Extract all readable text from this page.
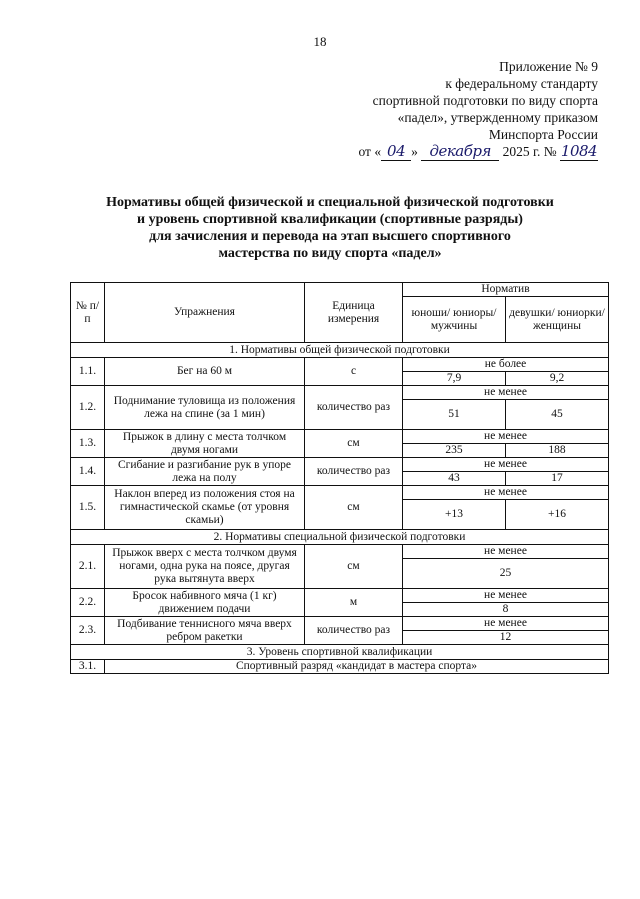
18
Приложение № 9
к федеральному стандарту
спортивной подготовки по виду спорта
«падел», утвержденному приказом
Минспорта России
от « 04 » декабря 2025 г. № 1084
Нормативы общей физической и специальной физической подготовки
и уровень спортивной квалификации (спортивные разряды)
для зачисления и перевода на этап высшего спортивного
мастерства по виду спорта «падел»
№ п/п	Упражнения	Единица измерения	Норматив	
			юноши/ юниоры/ мужчины	девушки/ юниорки/ женщины
1. Нормативы общей физической подготовки				
1.1.	Бег на 60 м	с	не более	
			7,9	9,2
1.2.	Поднимание туловища из положения лежа на спине (за 1 мин)	количество раз	не менее	
			51	45
1.3.	Прыжок в длину с места толчком двумя ногами	см	не менее	
			235	188
1.4.	Сгибание и разгибание рук в упоре лежа на полу	количество раз	не менее	
			43	17
1.5.	Наклон вперед из положения стоя на гимнастической скамье (от уровня скамьи)	см	не менее	
			+13	+16
2. Нормативы специальной физической подготовки				
2.1.	Прыжок вверх с места толчком двумя ногами, одна рука на поясе, другая рука вытянута вверх	см	не менее	
			25	
2.2.	Бросок набивного мяча (1 кг) движением подачи	м	не менее	
			8	
2.3.	Подбивание теннисного мяча вверх ребром ракетки	количество раз	не менее	
			12	
3. Уровень спортивной квалификации				
3.1.	Спортивный разряд «кандидат в мастера спорта»			
